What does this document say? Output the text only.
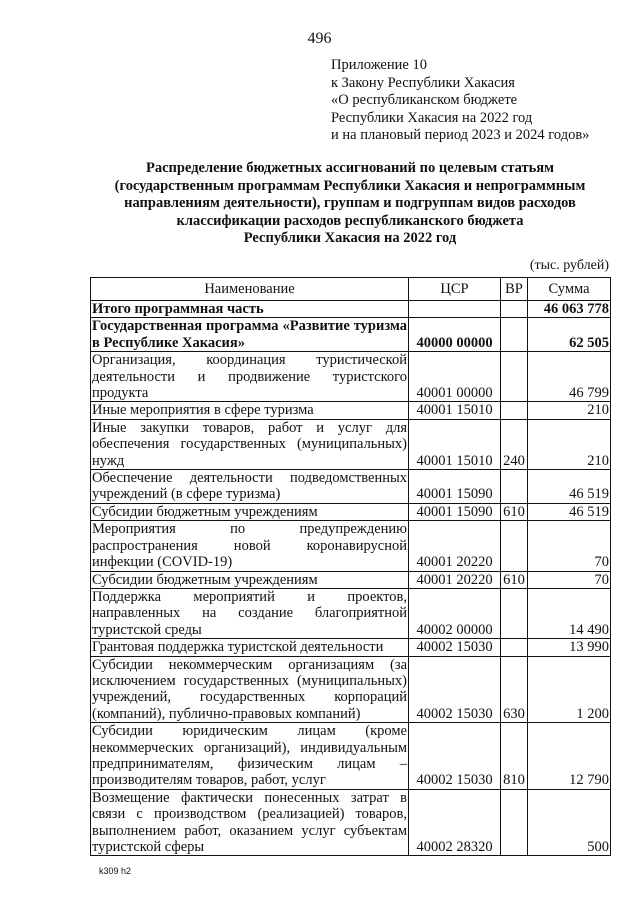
496
Приложение 10
к Закону Республики Хакасия
«О республиканском бюджете
Республики Хакасия на 2022 год
и на плановый период 2023 и 2024 годов»
Распределение бюджетных ассигнований по целевым статьям
(государственным программам Республики Хакасия и непрограммным
направлениям деятельности), группам и подгруппам видов расходов
классификации расходов республиканского бюджета
Республики Хакасия на 2022 год
(тыс. рублей)
Наименование	ЦСР	ВР	Сумма
Итого программная часть			46 063 778
Государственная программа «Развитие туризма в Республике Хакасия»	40000 00000		62 505
Организация, координация туристической деятельности и продвижение туристского продукта	40001 00000		46 799
Иные мероприятия в сфере туризма	40001 15010		210
Иные закупки товаров, работ и услуг для обеспечения государственных (муниципальных) нужд	40001 15010	240	210
Обеспечение деятельности подведомственных учреждений (в сфере туризма)	40001 15090		46 519
Субсидии бюджетным учреждениям	40001 15090	610	46 519
Мероприятия по предупреждению распространения новой коронавирусной инфекции (COVID-19)	40001 20220		70
Субсидии бюджетным учреждениям	40001 20220	610	70
Поддержка мероприятий и проектов, направленных на создание благоприятной туристской среды	40002 00000		14 490
Грантовая поддержка туристской деятельности	40002 15030		13 990
Субсидии некоммерческим организациям (за исключением государственных (муниципальных) учреждений, государственных корпораций (компаний), публично-правовых компаний)	40002 15030	630	1 200
Субсидии юридическим лицам (кроме некоммерческих организаций), индивидуальным предпринимателям, физическим лицам – производителям товаров, работ, услуг	40002 15030	810	12 790
Возмещение фактически понесенных затрат в связи с производством (реализацией) товаров, выполнением работ, оказанием услуг субъектам туристской сферы	40002 28320		500
k309 h2
